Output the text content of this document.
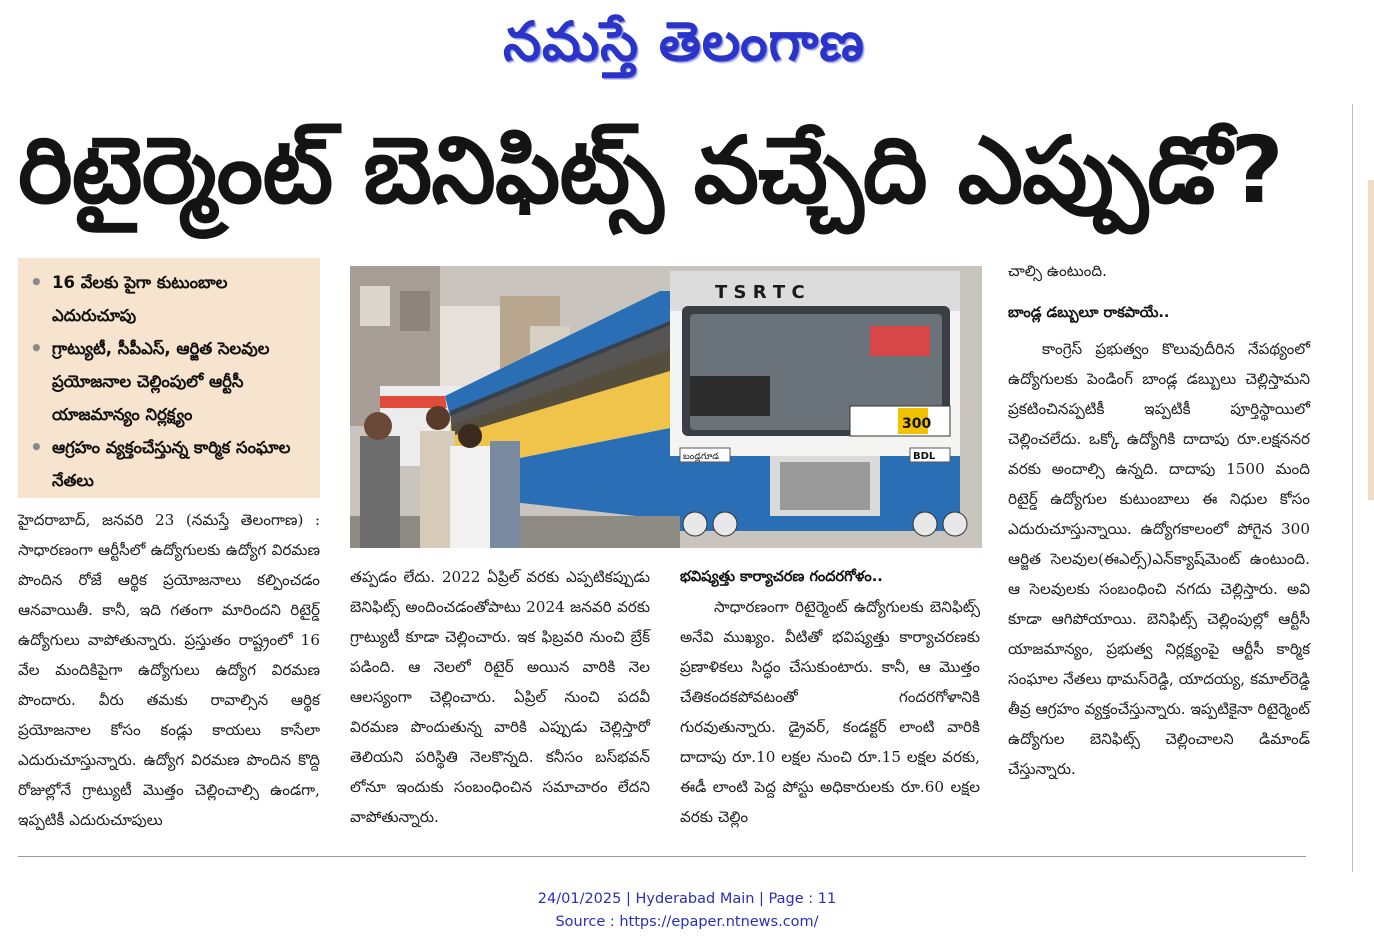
నమస్తే తెలంగాణ
రిటైర్మెంట్ బెనిఫిట్స్ వచ్చేది ఎప్పుడో?
• 16 వేలకు పైగా కుటుంబాల ఎదురుచూపు
• గ్రాట్యుటీ, సీపీఎస్, ఆర్జిత సెలవుల ప్రయోజనాల చెల్లింపులో ఆర్టీసీ యాజమాన్యం నిర్లక్ష్యం
• ఆగ్రహం వ్యక్తంచేస్తున్న కార్మిక సంఘాల నేతలు
T S R T C
300
బండ్లగూడ	BDL

హైదరాబాద్, జనవరి 23 (నమస్తే తెలంగాణ) : సాధారణంగా ఆర్టీసీలో ఉద్యోగులకు ఉద్యోగ విరమణ పొందిన రోజే ఆర్థిక ప్రయోజనాలు కల్పించడం ఆనవాయితీ. కానీ, ఇది గతంగా మారిందని రిటైర్డ్ ఉద్యోగులు వాపోతున్నారు. ప్రస్తుతం రాష్ట్రంలో 16 వేల మందికిపైగా ఉద్యోగులు ఉద్యోగ విరమణ పొందారు. వీరు తమకు రావాల్సిన ఆర్థిక ప్రయోజనాల కోసం కండ్లు కాయలు కాసేలా ఎదురుచూస్తున్నారు. ఉద్యోగ విరమణ పొందిన కొద్ది రోజుల్లోనే గ్రాట్యుటీ మొత్తం చెల్లించాల్సి ఉండగా, ఇప్పటికీ ఎదురుచూపులు

తప్పడం లేదు. 2022 ఏప్రిల్ వరకు ఎప్పటికప్పుడు బెనిఫిట్స్ అందించడంతోపాటు 2024 జనవరి వరకు గ్రాట్యుటీ కూడా చెల్లించారు. ఇక ఫిబ్రవరి నుంచి బ్రేక్ పడింది. ఆ నెలలో రిటైర్ అయిన వారికి నెల ఆలస్యంగా చెల్లించారు. ఏప్రిల్ నుంచి పదవీ విరమణ పొందుతున్న వారికి ఎప్పుడు చెల్లిస్తారో తెలియని పరిస్థితి నెలకొన్నది. కనీసం బస్‌భవన్ లోనూ ఇందుకు సంబంధించిన సమాచారం లేదని వాపోతున్నారు.

భవిష్యత్తు కార్యాచరణ గందరగోళం..

సాధారణంగా రిటైర్మెంట్ ఉద్యోగులకు బెనిఫిట్స్ అనేవి ముఖ్యం. వీటితో భవిష్యత్తు కార్యాచరణకు ప్రణాళికలు సిద్ధం చేసుకుంటారు. కానీ, ఆ మొత్తం చేతికందకపోవటంతో గందరగోళానికి గురవుతున్నారు. డ్రైవర్, కండక్టర్ లాంటి వారికి దాదాపు రూ.10 లక్షల నుంచి రూ.15 లక్షల వరకు, ఈడీ లాంటి పెద్ద పోస్టు అధికారులకు రూ.60 లక్షల వరకు చెల్లిం

చాల్సి ఉంటుంది.

బాండ్ల డబ్బులూ రాకపాయే..

కాంగ్రెస్ ప్రభుత్వం కొలువుదీరిన నేపథ్యంలో ఉద్యోగులకు పెండింగ్ బాండ్ల డబ్బులు చెల్లిస్తామని ప్రకటించినప్పటికీ ఇప్పటికీ పూర్తిస్థాయిలో చెల్లించలేదు. ఒక్కో ఉద్యోగికి దాదాపు రూ.లక్షననర వరకు అందాల్సి ఉన్నది. దాదాపు 1500 మంది రిటైర్డ్ ఉద్యోగుల కుటుంబాలు ఈ నిధుల కోసం ఎదురుచూస్తున్నాయి. ఉద్యోగకాలంలో పోగైన 300 ఆర్జిత సెలవుల(ఈఎల్స్)ఎన్‌క్యాష్‌మెంట్ ఉంటుంది. ఆ సెలవులకు సంబంధించి నగదు చెల్లిస్తారు. అవి కూడా ఆగిపోయాయి. బెనిఫిట్స్ చెల్లింపుల్లో ఆర్టీసీ యాజమాన్యం, ప్రభుత్వ నిర్లక్ష్యంపై ఆర్టీసీ కార్మిక సంఘాల నేతలు థామస్‌రెడ్డి, యాదయ్య, కమాల్‌రెడ్డి తీవ్ర ఆగ్రహం వ్యక్తంచేస్తున్నారు. ఇప్పటికైనా రిటైర్మెంట్ ఉద్యోగుల బెనిఫిట్స్ చెల్లించాలని డిమాండ్ చేస్తున్నారు.

24/01/2025 | Hyderabad Main | Page : 11
Source : https://epaper.ntnews.com/
